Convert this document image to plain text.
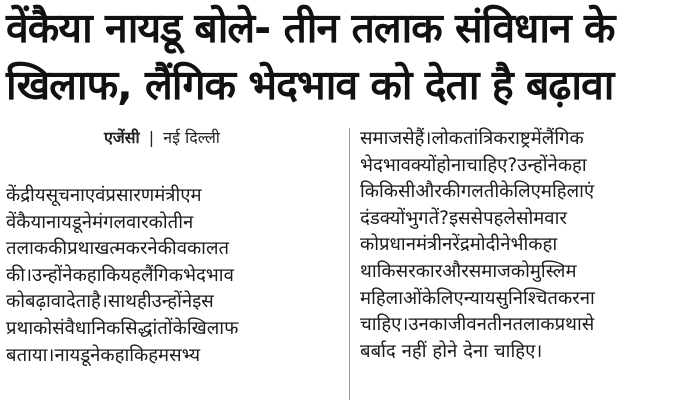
वेंकैया नायडू बोले- तीन तलाक संविधान के
खिलाफ, लैंगिक भेदभाव को देता है बढ़ावा
एजेंसी | नई दिल्ली
केंद्रीयसूचनाएवंप्रसारणमंत्रीएम
वेंकैयानायडूनेमंगलवारकोतीन
तलाककीप्रथाखत्मकरनेकीवकालत
की।उन्होंनेकहाकियहलैंगिकभेदभाव
कोबढ़ावादेताहै।साथहीउन्होंनेइस
प्रथाकोसंवैधानिकसिद्धांतोंकेखिलाफ
बताया।नायडूनेकहाकिहमसभ्य
समाजसेहैं।लोकतांत्रिकराष्ट्रमेंलैंगिक
भेदभावक्योंहोनाचाहिए?उन्होंनेकहा
किकिसीऔरकीगलतीकेलिएमहिलाएं
दंडक्योंभुगतें?इससेपहलेसोमवार
कोप्रधानमंत्रीनरेंद्रमोदीनेभीकहा
थाकिसरकारऔरसमाजकोमुस्लिम
महिलाओंकेलिएन्यायसुनिश्चितकरना
चाहिए।उनकाजीवनतीनतलाकप्रथासे
बर्बाद नहीं होने देना चाहिए।
